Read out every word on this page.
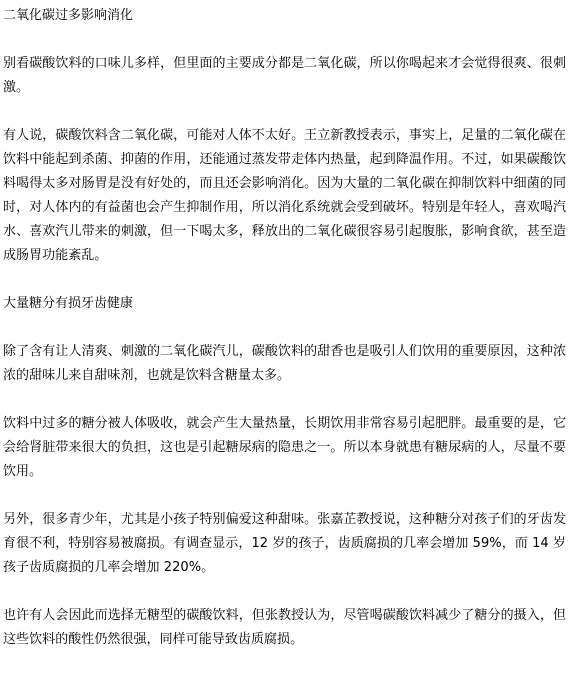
二氧化碳过多影响消化

别看碳酸饮料的口味儿多样，但里面的主要成分都是二氧化碳，所以你喝起来才会觉得很爽、很刺激。

有人说，碳酸饮料含二氧化碳，可能对人体不太好。王立新教授表示，事实上，足量的二氧化碳在饮料中能起到杀菌、抑菌的作用，还能通过蒸发带走体内热量，起到降温作用。不过，如果碳酸饮料喝得太多对肠胃是没有好处的，而且还会影响消化。因为大量的二氧化碳在抑制饮料中细菌的同时，对人体内的有益菌也会产生抑制作用，所以消化系统就会受到破坏。特别是年轻人，喜欢喝汽水、喜欢汽儿带来的刺激，但一下喝太多，释放出的二氧化碳很容易引起腹胀，影响食欲，甚至造成肠胃功能紊乱。

大量糖分有损牙齿健康

除了含有让人清爽、刺激的二氧化碳汽儿，碳酸饮料的甜香也是吸引人们饮用的重要原因，这种浓浓的甜味儿来自甜味剂，也就是饮料含糖量太多。

饮料中过多的糖分被人体吸收，就会产生大量热量，长期饮用非常容易引起肥胖。最重要的是，它会给肾脏带来很大的负担，这也是引起糖尿病的隐患之一。所以本身就患有糖尿病的人，尽量不要饮用。

另外，很多青少年，尤其是小孩子特别偏爱这种甜味。张嘉芷教授说，这种糖分对孩子们的牙齿发育很不利，特别容易被腐损。有调查显示，12 岁的孩子，齿质腐损的几率会增加 59%，而 14 岁孩子齿质腐损的几率会增加 220%。

也许有人会因此而选择无糖型的碳酸饮料，但张教授认为，尽管喝碳酸饮料减少了糖分的摄入，但这些饮料的酸性仍然很强，同样可能导致齿质腐损。
